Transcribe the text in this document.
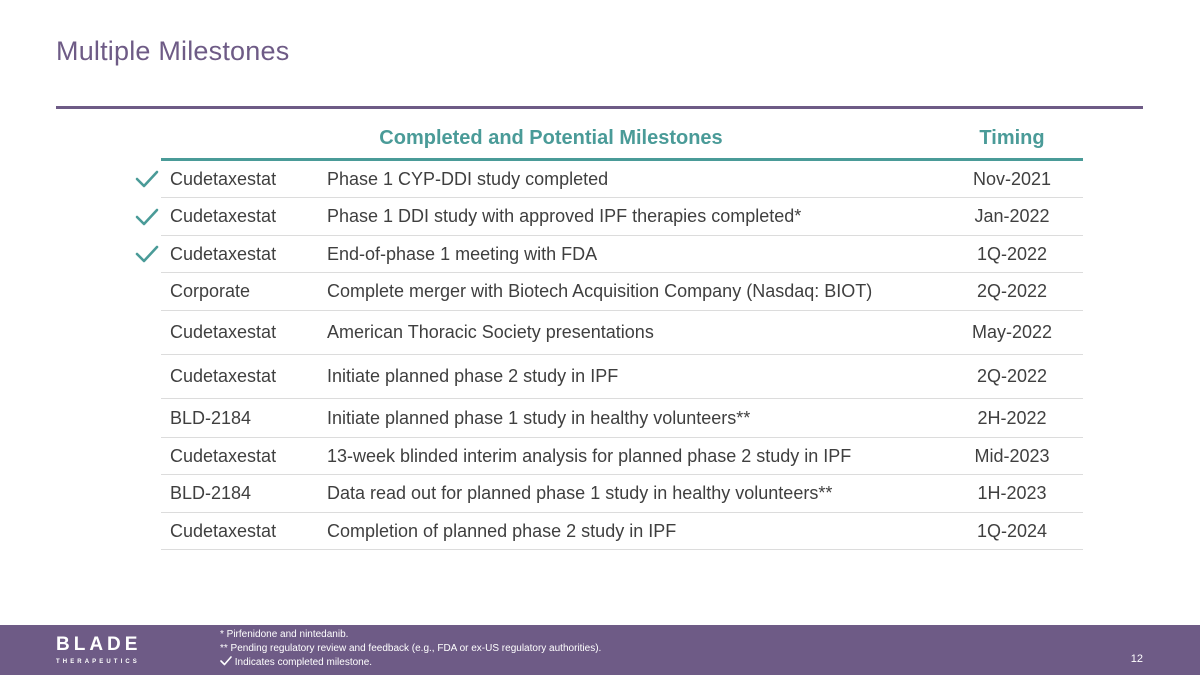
Multiple Milestones
Completed and Potential Milestones	Timing
Cudetaxestat	Phase 1 CYP-DDI study completed	Nov-2021
Cudetaxestat	Phase 1 DDI study with approved IPF therapies completed*	Jan-2022
Cudetaxestat	End-of-phase 1 meeting with FDA	1Q-2022
Corporate	Complete merger with Biotech Acquisition Company (Nasdaq: BIOT)	2Q-2022
Cudetaxestat	American Thoracic Society presentations	May-2022
Cudetaxestat	Initiate planned phase 2 study in IPF	2Q-2022
BLD-2184	Initiate planned phase 1 study in healthy volunteers**	2H-2022
Cudetaxestat	13-week blinded interim analysis for planned phase 2 study in IPF	Mid-2023
BLD-2184	Data read out for planned phase 1 study in healthy volunteers**	1H-2023
Cudetaxestat	Completion of planned phase 2 study in IPF	1Q-2024
BLADE
THERAPEUTICS
* Pirfenidone and nintedanib.
** Pending regulatory review and feedback (e.g., FDA or ex-US regulatory authorities).
Indicates completed milestone.	12
